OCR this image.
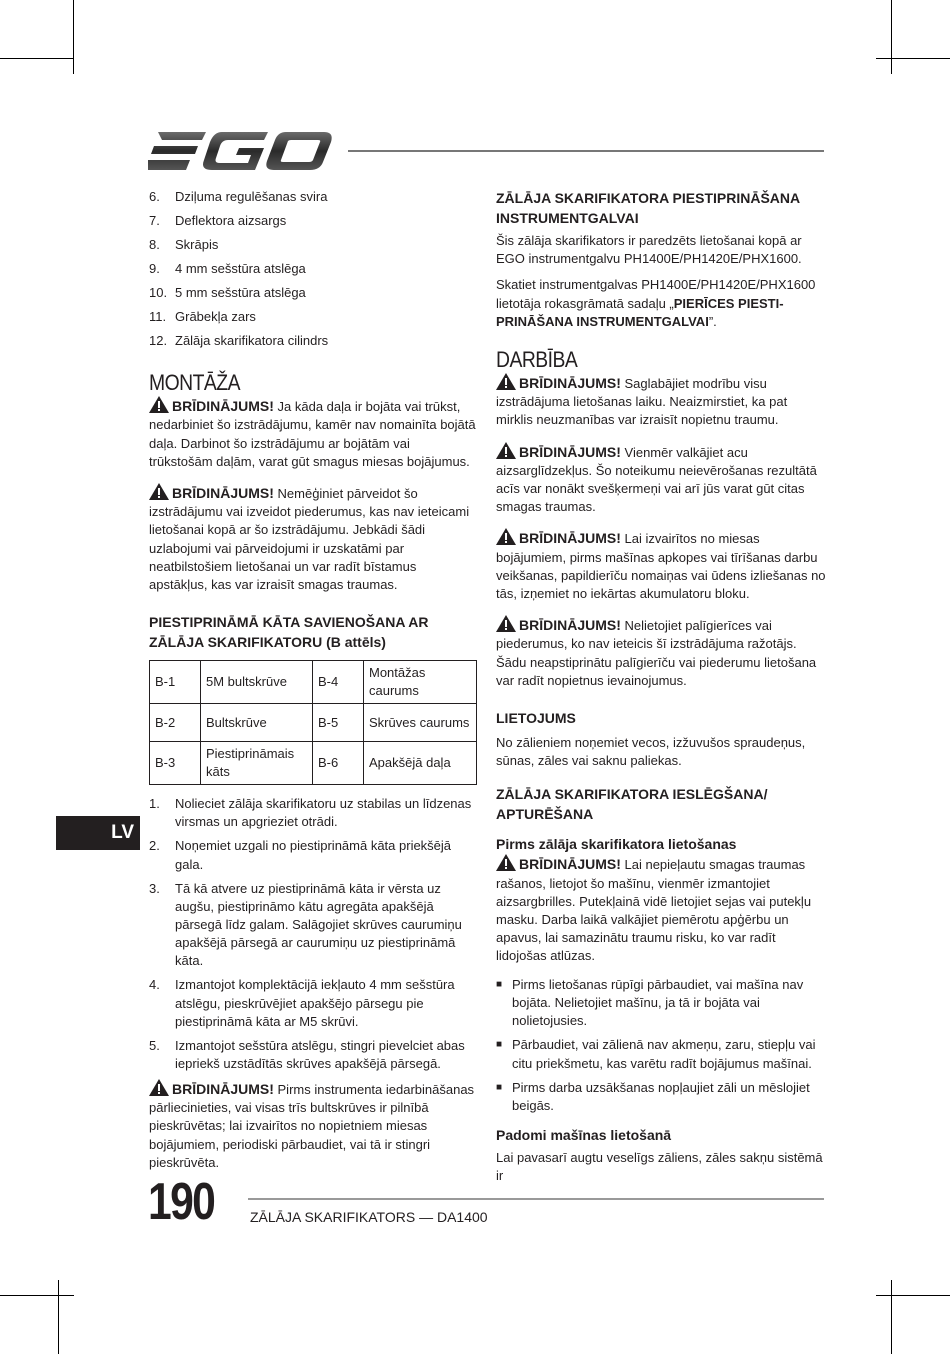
6.	Dziļuma regulēšanas svira
7.	Deflektora aizsargs
8.	Skrāpis
9.	4 mm sešstūra atslēga
10. 5 mm sešstūra atslēga
11. Grābekļa zars
12. Zālāja skarifikatora cilindrs
MONTĀŽA

BRĪDINĀJUMS! Ja kāda daļa ir bojāta vai trūkst, nedarbiniet šo izstrādājumu, kamēr nav nomainīta bojātā daļa. Darbinot šo izstrādājumu ar bojātām vai trūkstošām daļām, varat gūt smagus miesas bojājumus.

BRĪDINĀJUMS! Nemēģiniet pārveidot šo izstrādājumu vai izveidot piederumus, kas nav ieteicami lietošanai kopā ar šo izstrādājumu. Jebkādi šādi uzlabojumi vai pārveidojumi ir uzskatāmi par neatbilstošiem lietošanai un var radīt bīstamus apstākļus, kas var izraisīt smagas traumas.

PIESTIPRINĀMĀ KĀTA SAVIENOŠANA AR ZĀLĀJA SKARIFIKATORU (B attēls)
B-1	5M bultskrūve	B-4	Montāžas caurums
B-2	Bultskrūve	B-5	Skrūves caurums
B-3	Piestiprināmais kāts	B-6	Apakšējā daļa
1.	Nolieciet zālāja skarifikatoru uz stabilas un līdzenas virsmas un apgrieziet otrādi.
2.	Noņemiet uzgali no piestiprināmā kāta priekšējā gala.
3.	Tā kā atvere uz piestiprināmā kāta ir vērsta uz augšu, piestiprināmo kātu agregāta apakšējā pārsegā līdz galam. Salāgojiet skrūves caurumiņu apakšējā pārsegā ar caurumiņu uz piestiprināmā kāta.
4.	Izmantojot komplektācijā iekļauto 4 mm sešstūra atslēgu, pieskrūvējiet apakšējo pārsegu pie piestiprināmā kāta ar M5 skrūvi.
5.	Izmantojot sešstūra atslēgu, stingri pievelciet abas iepriekš uzstādītās skrūves apakšējā pārsegā.

BRĪDINĀJUMS! Pirms instrumenta iedarbināšanas pārliecinieties, vai visas trīs bultskrūves ir pilnībā pieskrūvētas; lai izvairītos no nopietniem miesas bojājumiem, periodiski pārbaudiet, vai tā ir stingri pieskrūvēta.

ZĀLĀJA SKARIFIKATORA PIESTIPRINĀŠANA INSTRUMENTGALVAI

Šis zālāja skarifikators ir paredzēts lietošanai kopā ar EGO instrumentgalvu PH1400E/PH1420E/PHX1600.

Skatiet instrumentgalvas PH1400E/PH1420E/PHX1600 lietotāja rokasgrāmatā sadaļu „PIERĪCES PIESTI-PRINĀŠANA INSTRUMENTGALVAI”.

DARBĪBA

BRĪDINĀJUMS! Saglabājiet modrību visu izstrādājuma lietošanas laiku. Neaizmirstiet, ka pat mirklis neuzmanības var izraisīt nopietnu traumu.

BRĪDINĀJUMS! Vienmēr valkājiet acu aizsarglīdzekļus. Šo noteikumu neievērošanas rezultātā acīs var nonākt svešķermeņi vai arī jūs varat gūt citas smagas traumas.

BRĪDINĀJUMS! Lai izvairītos no miesas bojājumiem, pirms mašīnas apkopes vai tīrīšanas darbu veikšanas, papildierīču nomaiņas vai ūdens izliešanas no tās, izņemiet no iekārtas akumulatoru bloku.

BRĪDINĀJUMS! Nelietojiet palīgierīces vai piederumus, ko nav ieteicis šī izstrādājuma ražotājs. Šādu neapstiprinātu palīgierīču vai piederumu lietošana var radīt nopietnus ievainojumus.

LIETOJUMS

No zālieniem noņemiet vecos, izžuvušos spraudeņus, sūnas, zāles vai saknu paliekas.

ZĀLĀJA SKARIFIKATORA IESLĒGŠANA/ APTURĒŠANA
Pirms zālāja skarifikatora lietošanas

BRĪDINĀJUMS! Lai nepieļautu smagas traumas rašanos, lietojot šo mašīnu, vienmēr izmantojiet aizsargbrilles. Putekļainā vidē lietojiet sejas vai putekļu masku. Darba laikā valkājiet piemērotu apģērbu un apavus, lai samazinātu traumu risku, ko var radīt lidojošas atlūzas.

■ Pirms lietošanas rūpīgi pārbaudiet, vai mašīna nav bojāta. Nelietojiet mašīnu, ja tā ir bojāta vai nolietojusies.
■ Pārbaudiet, vai zālienā nav akmeņu, zaru, stiepļu vai citu priekšmetu, kas varētu radīt bojājumus mašīnai.
■ Pirms darba uzsākšanas nopļaujiet zāli un mēslojiet beigās.
Padomi mašīnas lietošanā

Lai pavasarī augtu veselīgs zāliens, zāles sakņu sistēmā ir

LV
190	ZĀLĀJA SKARIFIKATORS — DA1400
